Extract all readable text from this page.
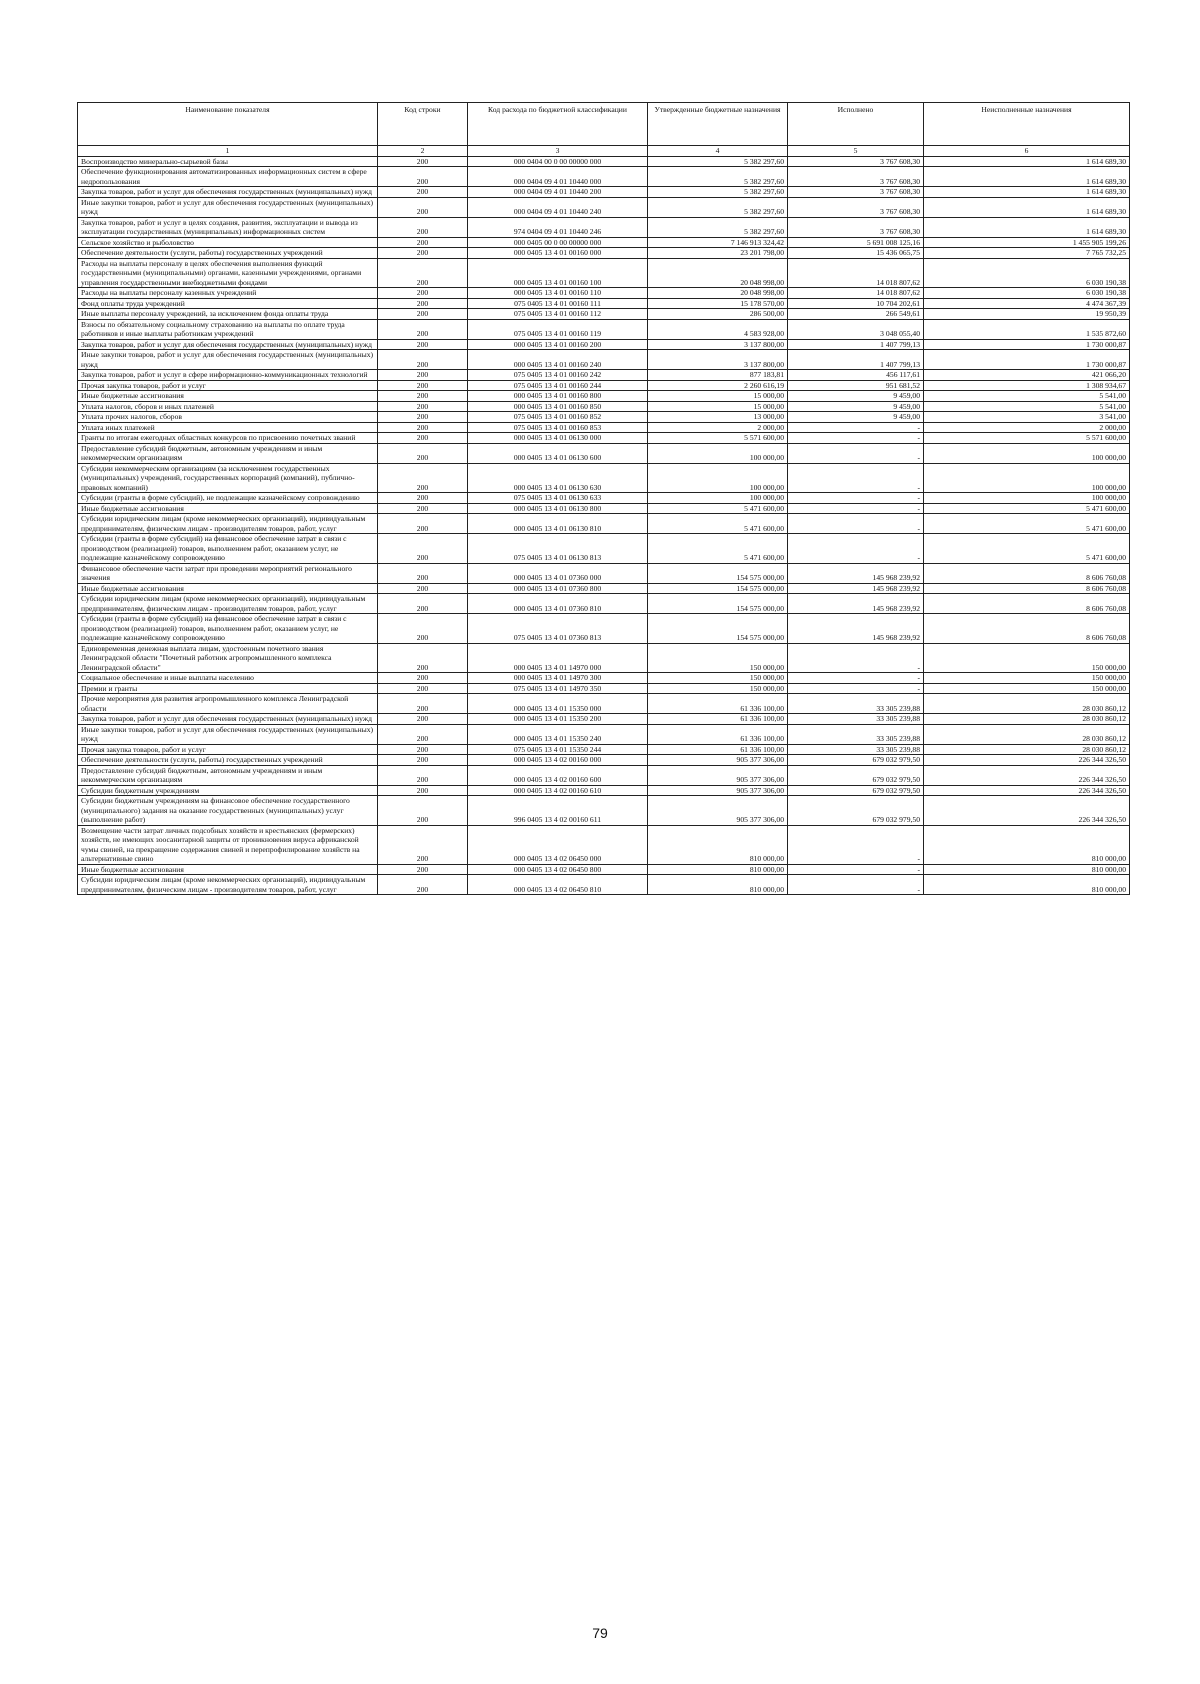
Наименование показателя	Код строки	Код расхода по бюджетной классификации	Утвержденные бюджетные назначения	Исполнено	Неисполненные назначения
1	2	3	4	5	6
Воспроизводство минерально-сырьевой базы	200	000 0404 00 0 00 00000 000	5 382 297,60	3 767 608,30	1 614 689,30
Обеспечение функционирования автоматизированных информационных систем в сфере недропользования	200	000 0404 09 4 01 10440 000	5 382 297,60	3 767 608,30	1 614 689,30
Закупка товаров, работ и услуг для обеспечения государственных (муниципальных) нужд	200	000 0404 09 4 01 10440 200	5 382 297,60	3 767 608,30	1 614 689,30
Иные закупки товаров, работ и услуг для обеспечения государственных (муниципальных) нужд	200	000 0404 09 4 01 10440 240	5 382 297,60	3 767 608,30	1 614 689,30
Закупка товаров, работ и услуг в целях создания, развития, эксплуатации и вывода из эксплуатации государственных (муниципальных) информационных систем	200	974 0404 09 4 01 10440 246	5 382 297,60	3 767 608,30	1 614 689,30
Сельское хозяйство и рыболовство	200	000 0405 00 0 00 00000 000	7 146 913 324,42	5 691 008 125,16	1 455 905 199,26
Обеспечение деятельности (услуги, работы) государственных учреждений	200	000 0405 13 4 01 00160 000	23 201 798,00	15 436 065,75	7 765 732,25
Расходы на выплаты персоналу в целях обеспечения выполнения функций государственными (муниципальными) органами, казенными учреждениями, органами управления государственными внебюджетными фондами	200	000 0405 13 4 01 00160 100	20 048 998,00	14 018 807,62	6 030 190,38
Расходы на выплаты персоналу казенных учреждений	200	000 0405 13 4 01 00160 110	20 048 998,00	14 018 807,62	6 030 190,38
Фонд оплаты труда учреждений	200	075 0405 13 4 01 00160 111	15 178 570,00	10 704 202,61	4 474 367,39
Иные выплаты персоналу учреждений, за исключением фонда оплаты труда	200	075 0405 13 4 01 00160 112	286 500,00	266 549,61	19 950,39
Взносы по обязательному социальному страхованию на выплаты по оплате труда работников и иные выплаты работникам учреждений	200	075 0405 13 4 01 00160 119	4 583 928,00	3 048 055,40	1 535 872,60
Закупка товаров, работ и услуг для обеспечения государственных (муниципальных) нужд	200	000 0405 13 4 01 00160 200	3 137 800,00	1 407 799,13	1 730 000,87
Иные закупки товаров, работ и услуг для обеспечения государственных (муниципальных) нужд	200	000 0405 13 4 01 00160 240	3 137 800,00	1 407 799,13	1 730 000,87
Закупка товаров, работ и услуг в сфере информационно-коммуникационных технологий	200	075 0405 13 4 01 00160 242	877 183,81	456 117,61	421 066,20
Прочая закупка товаров, работ и услуг	200	075 0405 13 4 01 00160 244	2 260 616,19	951 681,52	1 308 934,67
Иные бюджетные ассигнования	200	000 0405 13 4 01 00160 800	15 000,00	9 459,00	5 541,00
Уплата налогов, сборов и иных платежей	200	000 0405 13 4 01 00160 850	15 000,00	9 459,00	5 541,00
Уплата прочих налогов, сборов	200	075 0405 13 4 01 00160 852	13 000,00	9 459,00	3 541,00
Уплата иных платежей	200	075 0405 13 4 01 00160 853	2 000,00	-	2 000,00
Гранты по итогам ежегодных областных конкурсов по присвоению почетных званий	200	000 0405 13 4 01 06130 000	5 571 600,00	-	5 571 600,00
Предоставление субсидий бюджетным, автономным учреждениям и иным некоммерческим организациям	200	000 0405 13 4 01 06130 600	100 000,00	-	100 000,00
Субсидии некоммерческим организациям (за исключением государственных (муниципальных) учреждений, государственных корпораций (компаний), публично-правовых компаний)	200	000 0405 13 4 01 06130 630	100 000,00	-	100 000,00
Субсидии (гранты в форме субсидий), не подлежащие казначейскому сопровождению	200	075 0405 13 4 01 06130 633	100 000,00	-	100 000,00
Иные бюджетные ассигнования	200	000 0405 13 4 01 06130 800	5 471 600,00	-	5 471 600,00
Субсидии юридическим лицам (кроме некоммерческих организаций), индивидуальным предпринимателям, физическим лицам - производителям товаров, работ, услуг	200	000 0405 13 4 01 06130 810	5 471 600,00	-	5 471 600,00
Субсидии (гранты в форме субсидий) на финансовое обеспечение затрат в связи с производством (реализацией) товаров, выполнением работ, оказанием услуг, не подлежащие казначейскому сопровождению	200	075 0405 13 4 01 06130 813	5 471 600,00	-	5 471 600,00
Финансовое обеспечение части затрат при проведении мероприятий регионального значения	200	000 0405 13 4 01 07360 000	154 575 000,00	145 968 239,92	8 606 760,08
Иные бюджетные ассигнования	200	000 0405 13 4 01 07360 800	154 575 000,00	145 968 239,92	8 606 760,08
Субсидии юридическим лицам (кроме некоммерческих организаций), индивидуальным предпринимателям, физическим лицам - производителям товаров, работ, услуг	200	000 0405 13 4 01 07360 810	154 575 000,00	145 968 239,92	8 606 760,08
Субсидии (гранты в форме субсидий) на финансовое обеспечение затрат в связи с производством (реализацией) товаров, выполнением работ, оказанием услуг, не подлежащие казначейскому сопровождению	200	075 0405 13 4 01 07360 813	154 575 000,00	145 968 239,92	8 606 760,08
Единовременная денежная выплата лицам, удостоенным почетного звания Ленинградской области "Почетный работник агропромышленного комплекса Ленинградской области"	200	000 0405 13 4 01 14970 000	150 000,00	-	150 000,00
Социальное обеспечение и иные выплаты населению	200	000 0405 13 4 01 14970 300	150 000,00	-	150 000,00
Премии и гранты	200	075 0405 13 4 01 14970 350	150 000,00	-	150 000,00
Прочие мероприятия для развития агропромышленного комплекса Ленинградской области	200	000 0405 13 4 01 15350 000	61 336 100,00	33 305 239,88	28 030 860,12
Закупка товаров, работ и услуг для обеспечения государственных (муниципальных) нужд	200	000 0405 13 4 01 15350 200	61 336 100,00	33 305 239,88	28 030 860,12
Иные закупки товаров, работ и услуг для обеспечения государственных (муниципальных) нужд	200	000 0405 13 4 01 15350 240	61 336 100,00	33 305 239,88	28 030 860,12
Прочая закупка товаров, работ и услуг	200	075 0405 13 4 01 15350 244	61 336 100,00	33 305 239,88	28 030 860,12
Обеспечение деятельности (услуги, работы) государственных учреждений	200	000 0405 13 4 02 00160 000	905 377 306,00	679 032 979,50	226 344 326,50
Предоставление субсидий бюджетным, автономным учреждениям и иным некоммерческим организациям	200	000 0405 13 4 02 00160 600	905 377 306,00	679 032 979,50	226 344 326,50
Субсидии бюджетным учреждениям	200	000 0405 13 4 02 00160 610	905 377 306,00	679 032 979,50	226 344 326,50
Субсидии бюджетным учреждениям на финансовое обеспечение государственного (муниципального) задания на оказание государственных (муниципальных) услуг (выполнение работ)	200	996 0405 13 4 02 00160 611	905 377 306,00	679 032 979,50	226 344 326,50
Возмещение части затрат личных подсобных хозяйств и крестьянских (фермерских) хозяйств, не имеющих зоосанитарной защиты от проникновения вируса африканской чумы свиней, на прекращение содержания свиней и перепрофилирование хозяйств на альтернативные свино	200	000 0405 13 4 02 06450 000	810 000,00	-	810 000,00
Иные бюджетные ассигнования	200	000 0405 13 4 02 06450 800	810 000,00	-	810 000,00
Субсидии юридическим лицам (кроме некоммерческих организаций), индивидуальным предпринимателям, физическим лицам - производителям товаров, работ, услуг	200	000 0405 13 4 02 06450 810	810 000,00	-	810 000,00
79
